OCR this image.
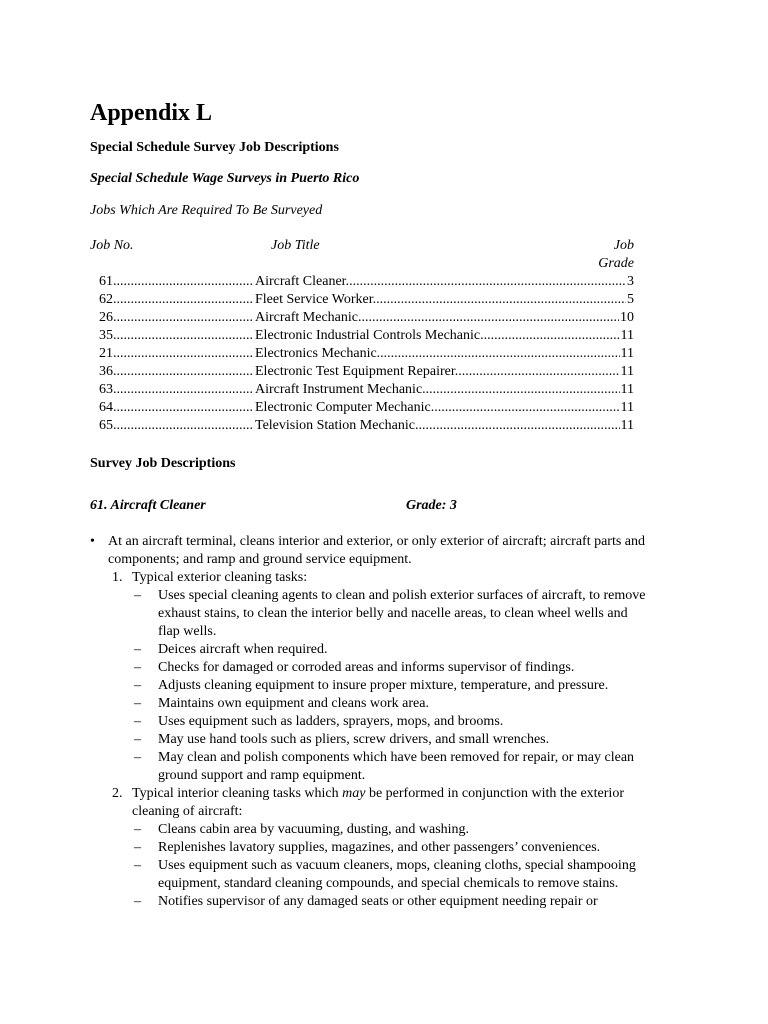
Appendix L
Special Schedule Survey Job Descriptions
Special Schedule Wage Surveys in Puerto Rico
Jobs Which Are Required To Be Surveyed
Job No.	Job Title	Job
Grade
61 .....	Aircraft Cleaner .....	3
62 .....	Fleet Service Worker .....	5
26 .....	Aircraft Mechanic .....	10
35 .....	Electronic Industrial Controls Mechanic .....	11
21 .....	Electronics Mechanic .....	11
36 .....	Electronic Test Equipment Repairer .....	11
63 .....	Aircraft Instrument Mechanic .....	11
64 .....	Electronic Computer Mechanic .....	11
65 .....	Television Station Mechanic .....	11
Survey Job Descriptions
61. Aircraft Cleaner	Grade: 3
• At an aircraft terminal, cleans interior and exterior, or only exterior of aircraft; aircraft parts and components; and ramp and ground service equipment.
1. Typical exterior cleaning tasks:
– Uses special cleaning agents to clean and polish exterior surfaces of aircraft, to remove exhaust stains, to clean the interior belly and nacelle areas, to clean wheel wells and flap wells.
– Deices aircraft when required.
– Checks for damaged or corroded areas and informs supervisor of findings.
– Adjusts cleaning equipment to insure proper mixture, temperature, and pressure.
– Maintains own equipment and cleans work area.
– Uses equipment such as ladders, sprayers, mops, and brooms.
– May use hand tools such as pliers, screw drivers, and small wrenches.
– May clean and polish components which have been removed for repair, or may clean ground support and ramp equipment.
2. Typical interior cleaning tasks which may be performed in conjunction with the exterior cleaning of aircraft:
– Cleans cabin area by vacuuming, dusting, and washing.
– Replenishes lavatory supplies, magazines, and other passengers’ conveniences.
– Uses equipment such as vacuum cleaners, mops, cleaning cloths, special shampooing equipment, standard cleaning compounds, and special chemicals to remove stains.
– Notifies supervisor of any damaged seats or other equipment needing repair or
